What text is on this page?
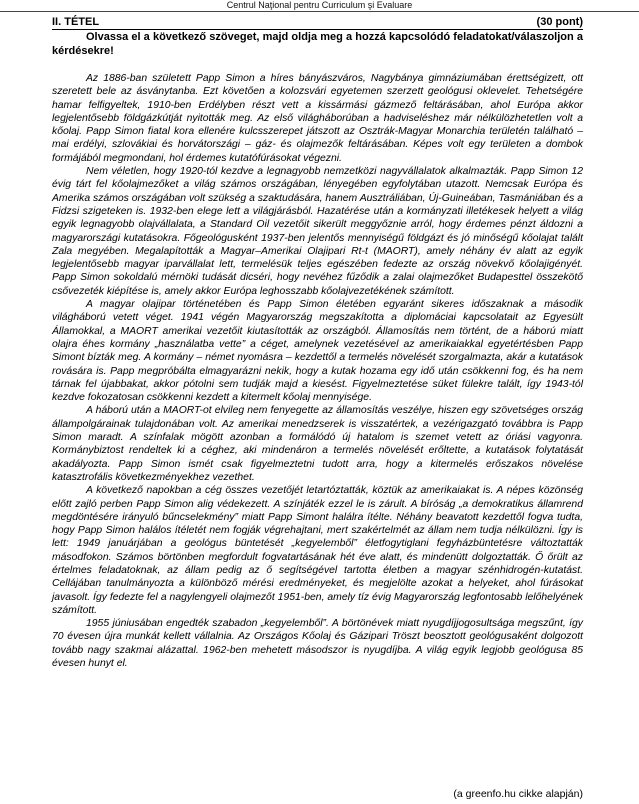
Centrul Naţional pentru Curriculum şi Evaluare
II. TÉTEL	(30 pont)
Olvassa el a következő szöveget, majd oldja meg a hozzá kapcsolódó feladatokat/válaszoljon a kérdésekre!

Az 1886-ban született Papp Simon a híres bányászváros, Nagybánya gimnáziumában érettségizett, ott szeretett bele az ásványtanba. Ezt követően a kolozsvári egyetemen szerzett geológusi oklevelet. Tehetségére hamar felfigyeltek, 1910-ben Erdélyben részt vett a kissármási gázmező feltárásában, ahol Európa akkor legjelentősebb földgázkútját nyitották meg. Az első világháborúban a hadviseléshez már nélkülözhetetlen volt a kőolaj. Papp Simon fiatal kora ellenére kulcsszerepet játszott az Osztrák-Magyar Monarchia területén található – mai erdélyi, szlovákiai és horvátországi – gáz- és olajmezők feltárásában. Képes volt egy területen a dombok formájából megmondani, hol érdemes kutatófúrásokat végezni.

Nem véletlen, hogy 1920-tól kezdve a legnagyobb nemzetközi nagyvállalatok alkalmazták. Papp Simon 12 évig tárt fel kőolajmezőket a világ számos országában, lényegében egyfolytában utazott. Nemcsak Európa és Amerika számos országában volt szükség a szaktudására, hanem Ausztráliában, Új-Guineában, Tasmániában és a Fidzsi szigeteken is. 1932-ben elege lett a világjárásból. Hazatérése után a kormányzati illetékesek helyett a világ egyik legnagyobb olajvállalata, a Standard Oil vezetőit sikerült meggyőznie arról, hogy érdemes pénzt áldozni a magyarországi kutatásokra. Főgeológusként 1937-ben jelentős mennyiségű földgázt és jó minőségű kőolajat talált Zala megyében. Megalapították a Magyar–Amerikai Olajipari Rt-t (MAORT), amely néhány év alatt az egyik legjelentősebb magyar iparvállalat lett, termelésük teljes egészében fedezte az ország növekvő kőolajigényét. Papp Simon sokoldalú mérnöki tudását dicséri, hogy nevéhez fűződik a zalai olajmezőket Budapesttel összekötő csővezeték kiépítése is, amely akkor Európa leghosszabb kőolajvezetékének számított.

A magyar olajipar történetében és Papp Simon életében egyaránt sikeres időszaknak a második világháború vetett véget. 1941 végén Magyarország megszakította a diplomáciai kapcsolatait az Egyesült Államokkal, a MAORT amerikai vezetőit kiutasították az országból. Államosítás nem történt, de a háború miatt olajra éhes kormány „használatba vette” a céget, amelynek vezetésével az amerikaiakkal egyetértésben Papp Simont bízták meg. A kormány – német nyomásra – kezdettől a termelés növelését szorgalmazta, akár a kutatások rovására is. Papp megpróbálta elmagyarázni nekik, hogy a kutak hozama egy idő után csökkenni fog, és ha nem tárnak fel újabbakat, akkor pótolni sem tudják majd a kiesést. Figyelmeztetése süket fülekre talált, így 1943-tól kezdve fokozatosan csökkenni kezdett a kitermelt kőolaj mennyisége.

A háború után a MAORT-ot elvileg nem fenyegette az államosítás veszélye, hiszen egy szövetséges ország állampolgárainak tulajdonában volt. Az amerikai menedzserek is visszatértek, a vezérigazgató továbbra is Papp Simon maradt. A színfalak mögött azonban a formálódó új hatalom is szemet vetett az óriási vagyonra. Kormánybiztost rendeltek ki a céghez, aki mindenáron a termelés növelését erőltette, a kutatások folytatását akadályozta. Papp Simon ismét csak figyelmeztetni tudott arra, hogy a kitermelés erőszakos növelése katasztrofális következményekhez vezethet.

A következő napokban a cég összes vezetőjét letartóztatták, köztük az amerikaiakat is. A népes közönség előtt zajló perben Papp Simon alig védekezett. A színjáték ezzel le is zárult. A bíróság „a demokratikus államrend megdöntésére irányuló bűncselekmény” miatt Papp Simont halálra ítélte. Néhány beavatott kezdettől fogva tudta, hogy Papp Simon halálos ítéletét nem fogják végrehajtani, mert szakértelmét az állam nem tudja nélkülözni. Így is lett: 1949 januárjában a geológus büntetését „kegyelemből” életfogytiglani fegyházbüntetésre változtatták másodfokon. Számos börtönben megfordult fogvatartásának hét éve alatt, és mindenütt dolgoztatták. Ő őrült az értelmes feladatoknak, az állam pedig az ő segítségével tartotta életben a magyar szénhidrogén-kutatást. Cellájában tanulmányozta a különböző mérési eredményeket, és megjelölte azokat a helyeket, ahol fúrásokat javasolt. Így fedezte fel a nagylengyeli olajmezőt 1951-ben, amely tíz évig Magyarország legfontosabb lelőhelyének számított.

1955 júniusában engedték szabadon „kegyelemből”. A börtönévek miatt nyugdíjjogosultsága megszűnt, így 70 évesen újra munkát kellett vállalnia. Az Országos Kőolaj és Gázipari Tröszt beosztott geológusaként dolgozott tovább nagy szakmai alázattal. 1962-ben mehetett másodszor is nyugdíjba. A világ egyik legjobb geológusa 85 évesen hunyt el.

(a greenfo.hu cikke alapján)
